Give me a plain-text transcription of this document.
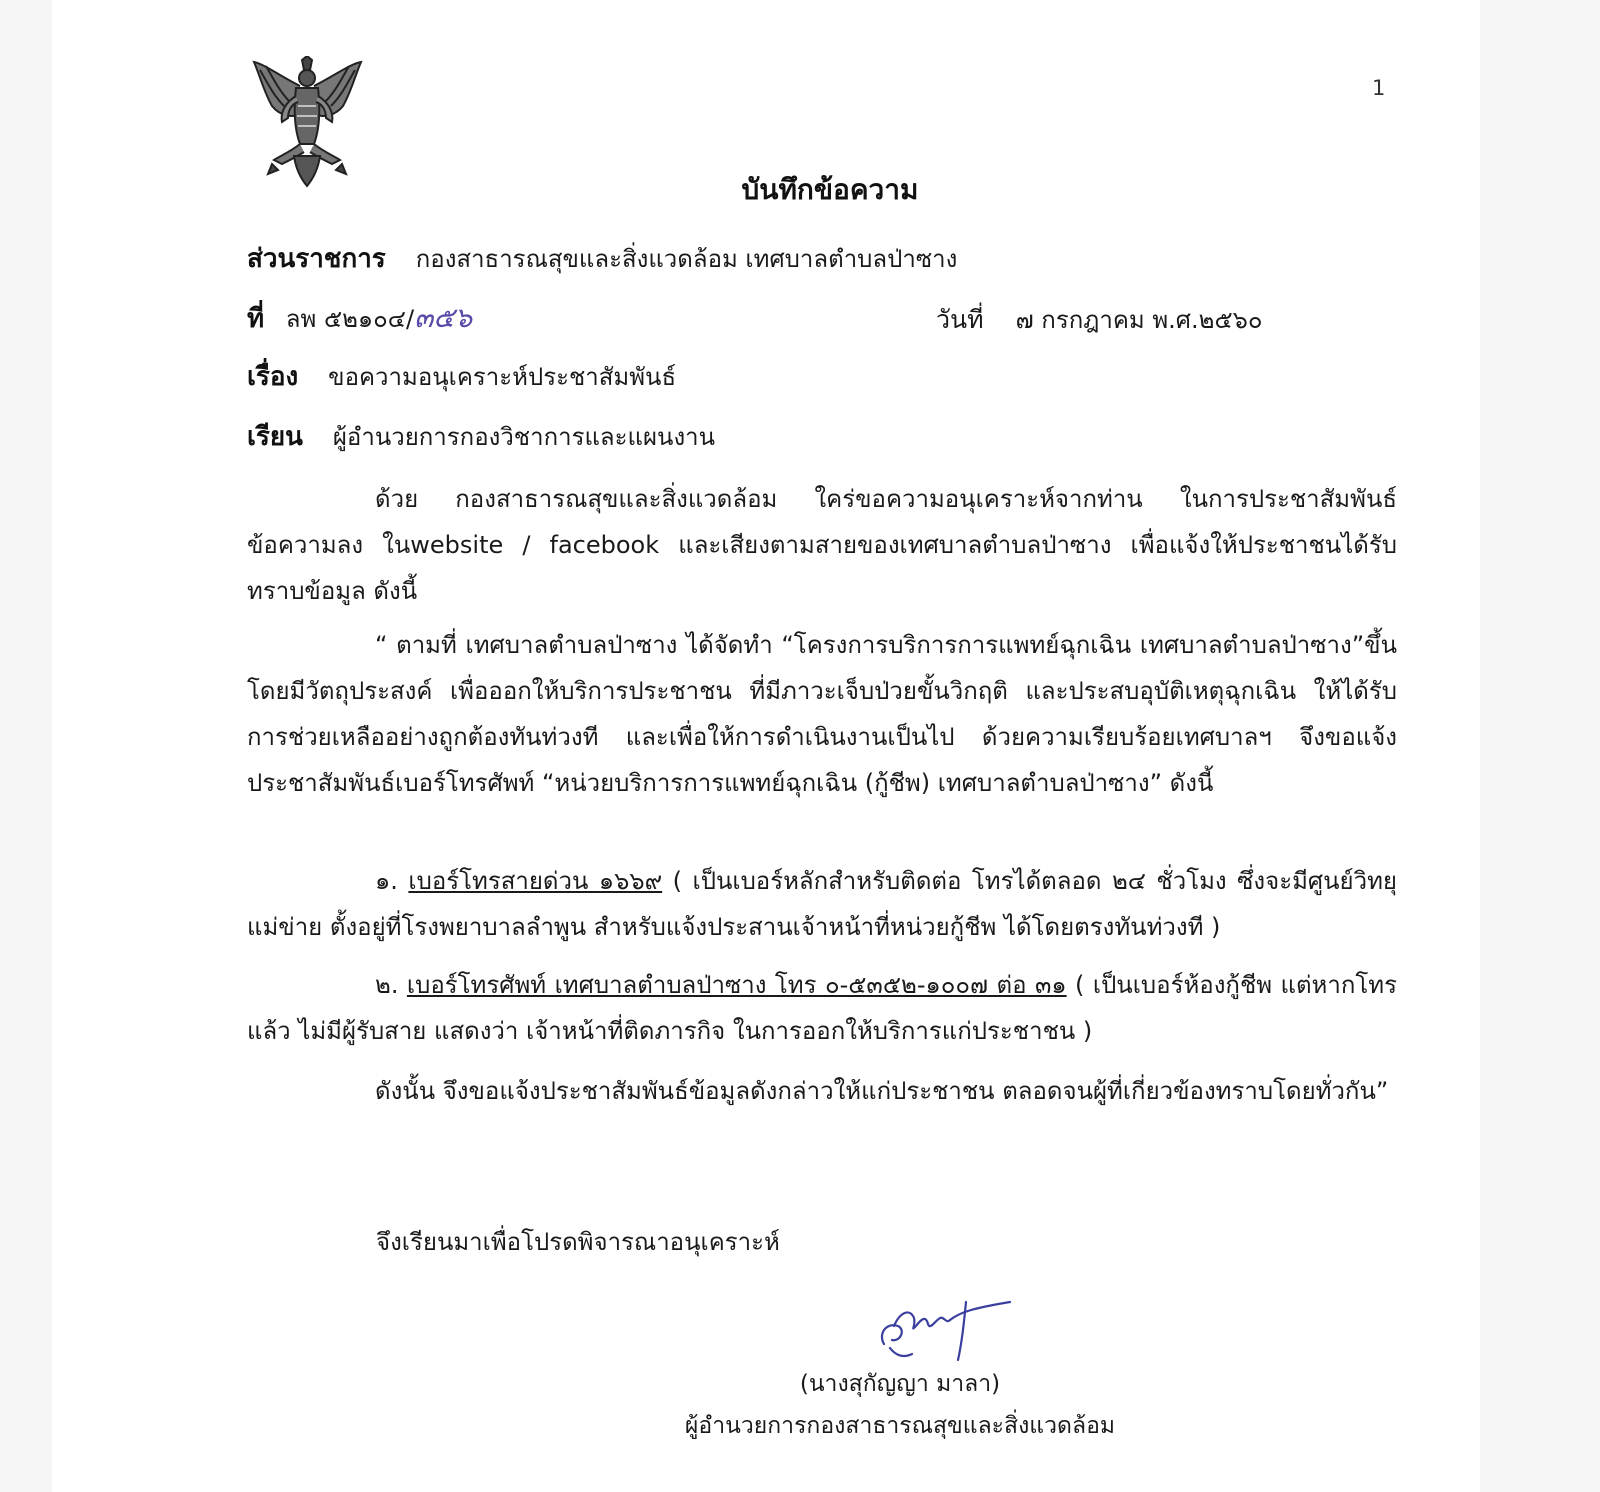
1
บันทึกข้อความ
ส่วนราชการ กองสาธารณสุขและสิ่งแวดล้อม เทศบาลตำบลป่าซาง
ที่ ลพ ๕๒๑๐๔/๓๕๖	วันที่ ๗ กรกฎาคม พ.ศ.๒๕๖๐
เรื่อง ขอความอนุเคราะห์ประชาสัมพันธ์
เรียน ผู้อำนวยการกองวิชาการและแผนงาน
ด้วย กองสาธารณสุขและสิ่งแวดล้อม ใคร่ขอความอนุเคราะห์จากท่าน ในการประชาสัมพันธ์ข้อความลง ในwebsite / facebook และเสียงตามสายของเทศบาลตำบลป่าซาง เพื่อแจ้งให้ประชาชนได้รับทราบข้อมูล ดังนี้
“ ตามที่ เทศบาลตำบลป่าซาง ได้จัดทำ “โครงการบริการการแพทย์ฉุกเฉิน เทศบาลตำบลป่าซาง”ขึ้น โดยมีวัตถุประสงค์ เพื่อออกให้บริการประชาชน ที่มีภาวะเจ็บป่วยขั้นวิกฤติ และประสบอุบัติเหตุฉุกเฉิน ให้ได้รับการช่วยเหลืออย่างถูกต้องทันท่วงที และเพื่อให้การดำเนินงานเป็นไป ด้วยความเรียบร้อยเทศบาลฯ จึงขอแจ้งประชาสัมพันธ์เบอร์โทรศัพท์ “หน่วยบริการการแพทย์ฉุกเฉิน (กู้ชีพ) เทศบาลตำบลป่าซาง” ดังนี้
๑. เบอร์โทรสายด่วน ๑๖๖๙ ( เป็นเบอร์หลักสำหรับติดต่อ โทรได้ตลอด ๒๔ ชั่วโมง ซึ่งจะมีศูนย์วิทยุแม่ข่าย ตั้งอยู่ที่โรงพยาบาลลำพูน สำหรับแจ้งประสานเจ้าหน้าที่หน่วยกู้ชีพ ได้โดยตรงทันท่วงที )
๒. เบอร์โทรศัพท์ เทศบาลตำบลป่าซาง โทร ๐-๕๓๕๒-๑๐๐๗ ต่อ ๓๑ ( เป็นเบอร์ห้องกู้ชีพ แต่หากโทรแล้ว ไม่มีผู้รับสาย แสดงว่า เจ้าหน้าที่ติดภารกิจ ในการออกให้บริการแก่ประชาชน )
ดังนั้น จึงขอแจ้งประชาสัมพันธ์ข้อมูลดังกล่าวให้แก่ประชาชน ตลอดจนผู้ที่เกี่ยวข้องทราบโดยทั่วกัน”
จึงเรียนมาเพื่อโปรดพิจารณาอนุเคราะห์
(นางสุกัญญา มาลา)
ผู้อำนวยการกองสาธารณสุขและสิ่งแวดล้อม
